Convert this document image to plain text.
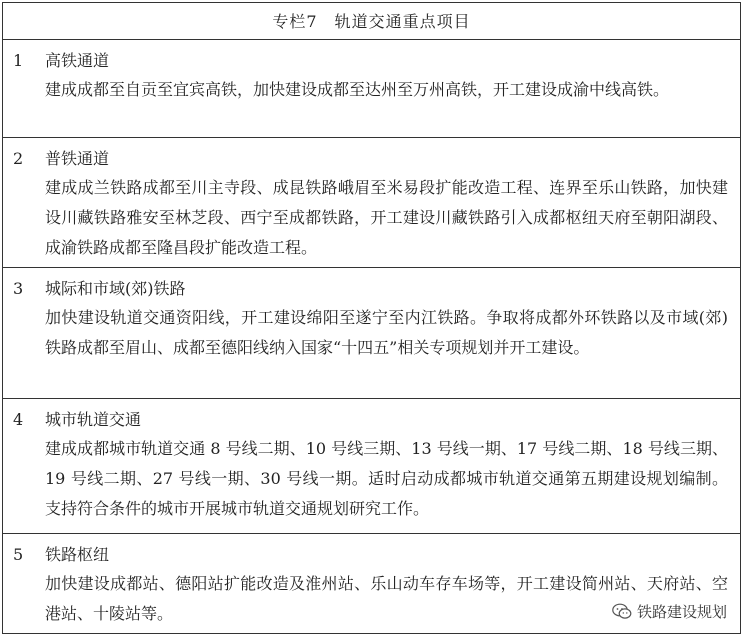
专栏7　轨道交通重点项目
1 高铁通道
建成成都至自贡至宜宾高铁，加快建设成都至达州至万州高铁，开工建设成渝中线高铁。
2 普铁通道
建成成兰铁路成都至川主寺段、成昆铁路峨眉至米易段扩能改造工程、连界至乐山铁路，加快建设川藏铁路雅安至林芝段、西宁至成都铁路，开工建设川藏铁路引入成都枢纽天府至朝阳湖段、成渝铁路成都至隆昌段扩能改造工程。
3 城际和市域(郊)铁路
加快建设轨道交通资阳线，开工建设绵阳至遂宁至内江铁路。争取将成都外环铁路以及市域(郊)铁路成都至眉山、成都至德阳线纳入国家“十四五”相关专项规划并开工建设。
4 城市轨道交通
建成成都城市轨道交通 8 号线二期、10 号线三期、13 号线一期、17 号线二期、18 号线三期、19 号线二期、27 号线一期、30 号线一期。适时启动成都城市轨道交通第五期建设规划编制。支持符合条件的城市开展城市轨道交通规划研究工作。
5 铁路枢纽
加快建设成都站、德阳站扩能改造及淮州站、乐山动车存车场等，开工建设简州站、天府站、空港站、十陵站等。	铁路建设规划
